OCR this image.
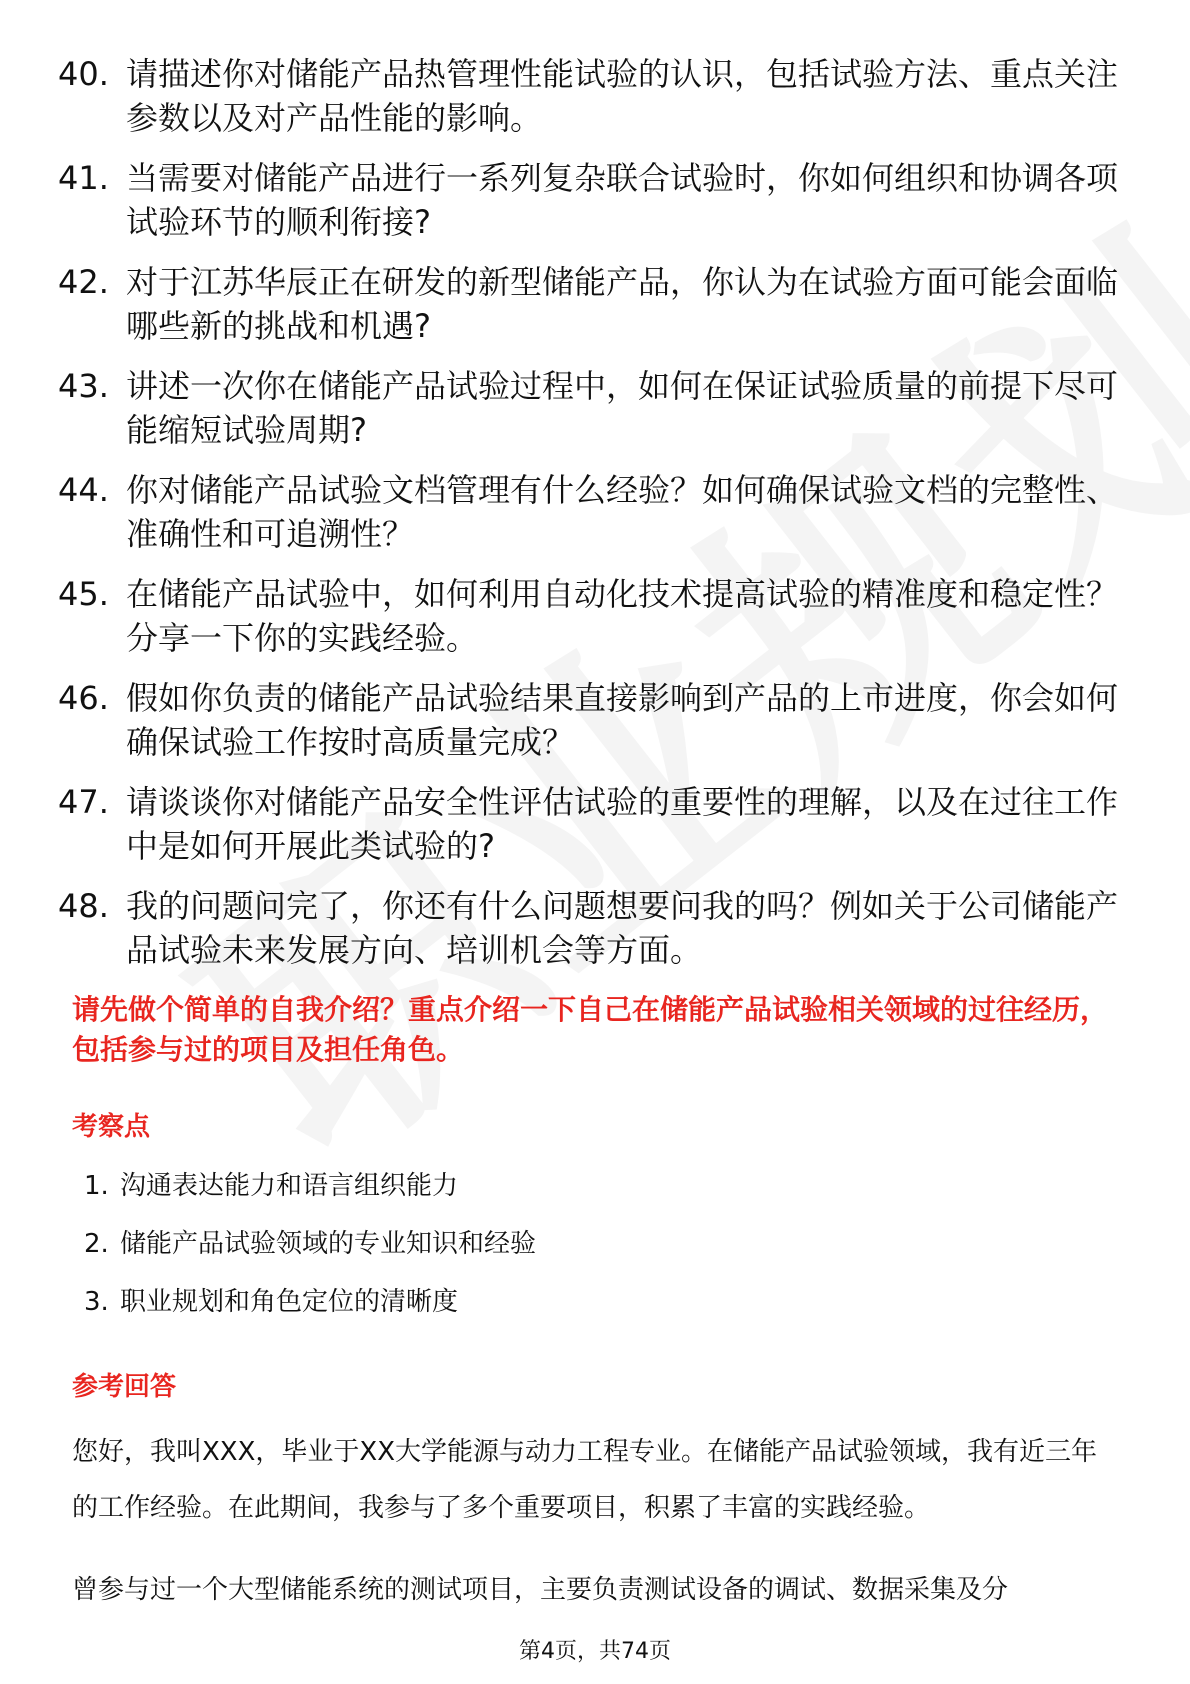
40. 请描述你对储能产品热管理性能试验的认识，包括试验方法、重点关注参数以及对产品性能的影响。
41. 当需要对储能产品进行一系列复杂联合试验时，你如何组织和协调各项试验环节的顺利衔接?
42. 对于江苏华辰正在研发的新型储能产品，你认为在试验方面可能会面临哪些新的挑战和机遇?
43. 讲述一次你在储能产品试验过程中，如何在保证试验质量的前提下尽可能缩短试验周期?
44. 你对储能产品试验文档管理有什么经验？如何确保试验文档的完整性、准确性和可追溯性？
45. 在储能产品试验中，如何利用自动化技术提高试验的精准度和稳定性？分享一下你的实践经验。
46. 假如你负责的储能产品试验结果直接影响到产品的上市进度，你会如何确保试验工作按时高质量完成？
47. 请谈谈你对储能产品安全性评估试验的重要性的理解，以及在过往工作中是如何开展此类试验的?
48. 我的问题问完了，你还有什么问题想要问我的吗？例如关于公司储能产品试验未来发展方向、培训机会等方面。
请先做个简单的自我介绍？重点介绍一下自己在储能产品试验相关领域的过往经历，包括参与过的项目及担任角色。
考察点
1. 沟通表达能力和语言组织能力
2. 储能产品试验领域的专业知识和经验
3. 职业规划和角色定位的清晰度
参考回答

您好，我叫XXX，毕业于XX大学能源与动力工程专业。在储能产品试验领域，我有近三年的工作经验。在此期间，我参与了多个重要项目，积累了丰富的实践经验。

曾参与过一个大型储能系统的测试项目，主要负责测试设备的调试、数据采集及分

第4页，共74页
